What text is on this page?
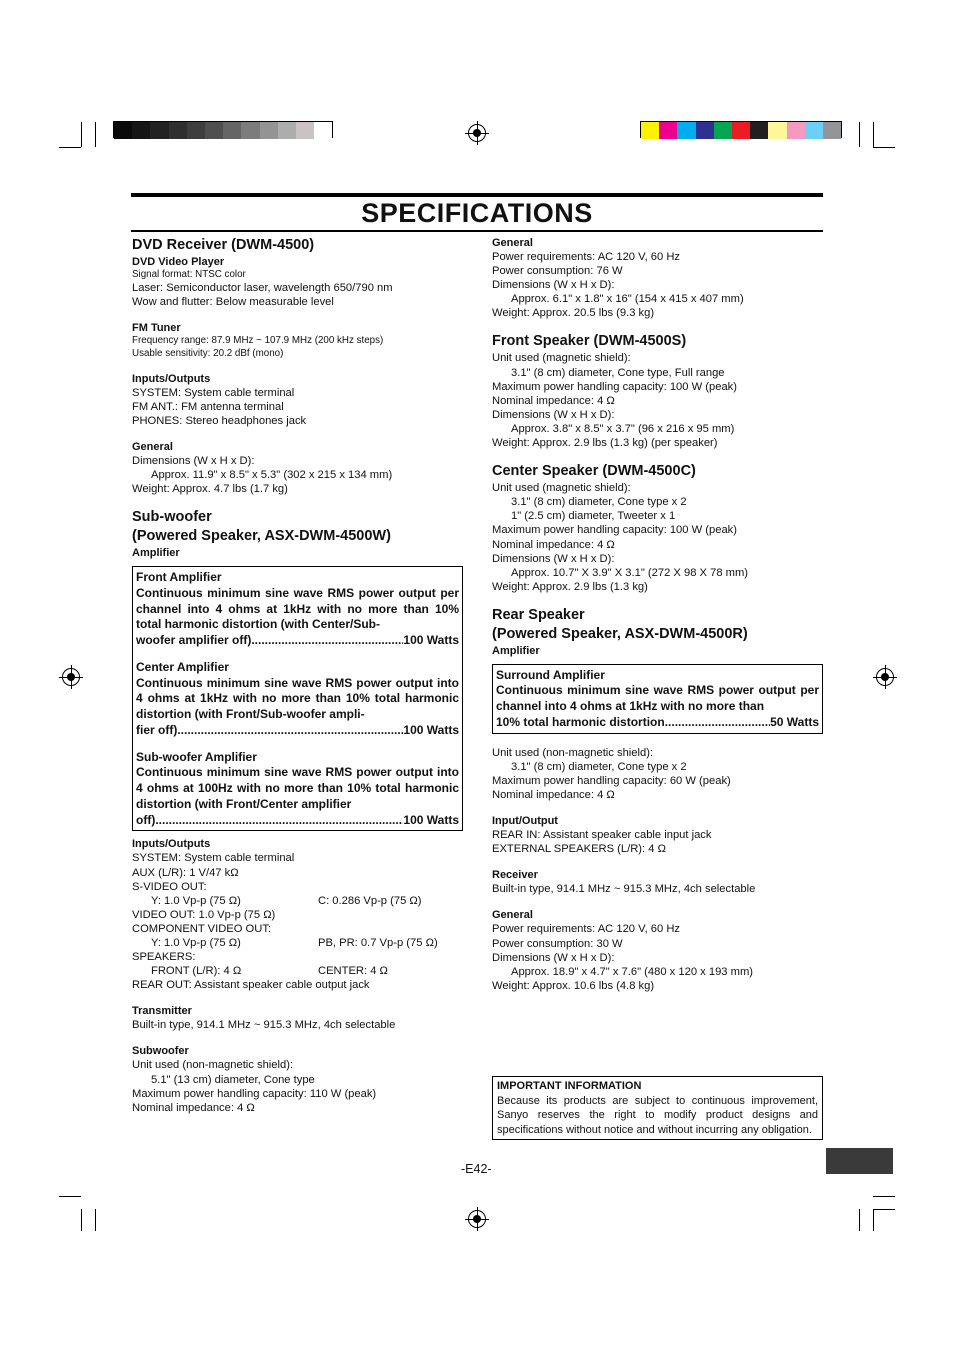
SPECIFICATIONS
DVD Receiver (DWM-4500)
DVD Video Player
Signal format: NTSC color
Laser: Semiconductor laser, wavelength 650/790 nm
Wow and flutter: Below measurable level
FM Tuner
Frequency range: 87.9 MHz ~ 107.9 MHz (200 kHz steps)
Usable sensitivity: 20.2 dBf (mono)
Inputs/Outputs
SYSTEM: System cable terminal
FM ANT.: FM antenna terminal
PHONES: Stereo headphones jack
General
Dimensions (W x H x D):
Approx. 11.9" x 8.5" x 5.3" (302 x 215 x 134 mm)
Weight: Approx. 4.7 lbs (1.7 kg)
Sub-woofer
(Powered Speaker, ASX-DWM-4500W)
Amplifier
Front Amplifier
Continuous minimum sine wave RMS power output per channel into 4 ohms at 1kHz with no more than 10% total harmonic distortion (with Center/Sub-
woofer amplifier off) .....	100 Watts
Center Amplifier
Continuous minimum sine wave RMS power output into 4 ohms at 1kHz with no more than 10% total harmonic distortion (with Front/Sub-woofer ampli-
fier off) .....	100 Watts
Sub-woofer Amplifier
Continuous minimum sine wave RMS power output into 4 ohms at 100Hz with no more than 10% total harmonic distortion (with Front/Center amplifier
off) .....	100 Watts
Inputs/Outputs
SYSTEM: System cable terminal
AUX (L/R): 1 V/47 kΩ
S-VIDEO OUT:
Y: 1.0 Vp-p (75 Ω)	C: 0.286 Vp-p (75 Ω)
VIDEO OUT: 1.0 Vp-p (75 Ω)
COMPONENT VIDEO OUT:
Y: 1.0 Vp-p (75 Ω)	PB, PR: 0.7 Vp-p (75 Ω)
SPEAKERS:
FRONT (L/R): 4 Ω	CENTER: 4 Ω
REAR OUT: Assistant speaker cable output jack
Transmitter
Built-in type, 914.1 MHz ~ 915.3 MHz, 4ch selectable
Subwoofer
Unit used (non-magnetic shield):
5.1" (13 cm) diameter, Cone type
Maximum power handling capacity: 110 W (peak)
Nominal impedance: 4 Ω
General
Power requirements: AC 120 V, 60 Hz
Power consumption: 76 W
Dimensions (W x H x D):
Approx. 6.1" x 1.8" x 16" (154 x 415 x 407 mm)
Weight: Approx. 20.5 lbs (9.3 kg)
Front Speaker (DWM-4500S)
Unit used (magnetic shield):
3.1" (8 cm) diameter, Cone type, Full range
Maximum power handling capacity: 100 W (peak)
Nominal impedance: 4 Ω
Dimensions (W x H x D):
Approx. 3.8" x 8.5" x 3.7" (96 x 216 x 95 mm)
Weight: Approx. 2.9 lbs (1.3 kg) (per speaker)
Center Speaker (DWM-4500C)
Unit used (magnetic shield):
3.1" (8 cm) diameter, Cone type x 2
1" (2.5 cm) diameter, Tweeter x 1
Maximum power handling capacity: 100 W (peak)
Nominal impedance: 4 Ω
Dimensions (W x H x D):
Approx. 10.7" X 3.9" X 3.1" (272 X 98 X 78 mm)
Weight: Approx. 2.9 lbs (1.3 kg)
Rear Speaker
(Powered Speaker, ASX-DWM-4500R)
Amplifier
Surround Amplifier
Continuous minimum sine wave RMS power output per channel into 4 ohms at 1kHz with no more than
10% total harmonic distortion .....	50 Watts
Unit used (non-magnetic shield):
3.1" (8 cm) diameter, Cone type x 2
Maximum power handling capacity: 60 W (peak)
Nominal impedance: 4 Ω
Input/Output
REAR IN: Assistant speaker cable input jack
EXTERNAL SPEAKERS (L/R): 4 Ω
Receiver
Built-in type, 914.1 MHz ~ 915.3 MHz, 4ch selectable
General
Power requirements: AC 120 V, 60 Hz
Power consumption: 30 W
Dimensions (W x H x D):
Approx. 18.9" x 4.7" x 7.6" (480 x 120 x 193 mm)
Weight: Approx. 10.6 lbs (4.8 kg)
IMPORTANT INFORMATION
Because its products are subject to continuous improvement, Sanyo reserves the right to modify product designs and specifications without notice and without incurring any obligation.
-E42-
